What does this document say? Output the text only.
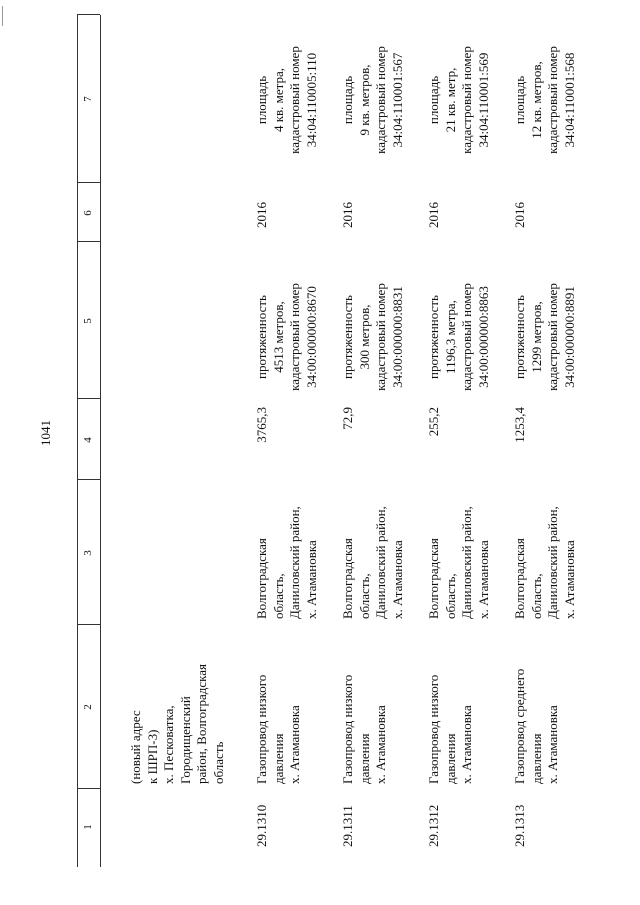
1041
1
2
3
4
5
6
7
(новый адрес к ШРП-3) х. Песковатка, Городищенский район, Волгоградская область
29.1310
Газопровод низкого давления х. Атамановка
Волгоградская область, Даниловский район, х. Атамановка
3765,3
протяженность 4513 метров, кадастровый номер 34:00:000000:8670
2016
площадь 4 кв. метра, кадастровый номер 34:04:110005:110
29.1311
Газопровод низкого давления х. Атамановка
Волгоградская область, Даниловский район, х. Атамановка
72,9
протяженность 300 метров, кадастровый номер 34:00:000000:8831
2016
площадь 9 кв. метров, кадастровый номер 34:04:110001:567
29.1312
Газопровод низкого давления х. Атамановка
Волгоградская область, Даниловский район, х. Атамановка
255,2
протяженность 1196,3 метра, кадастровый номер 34:00:000000:8863
2016
площадь 21 кв. метр, кадастровый номер 34:04:110001:569
29.1313
Газопровод среднего давления х. Атамановка
Волгоградская область, Даниловский район, х. Атамановка
1253,4
протяженность 1299 метров, кадастровый номер 34:00:000000:8891
2016
площадь 12 кв. метров, кадастровый номер 34:04:110001:568
